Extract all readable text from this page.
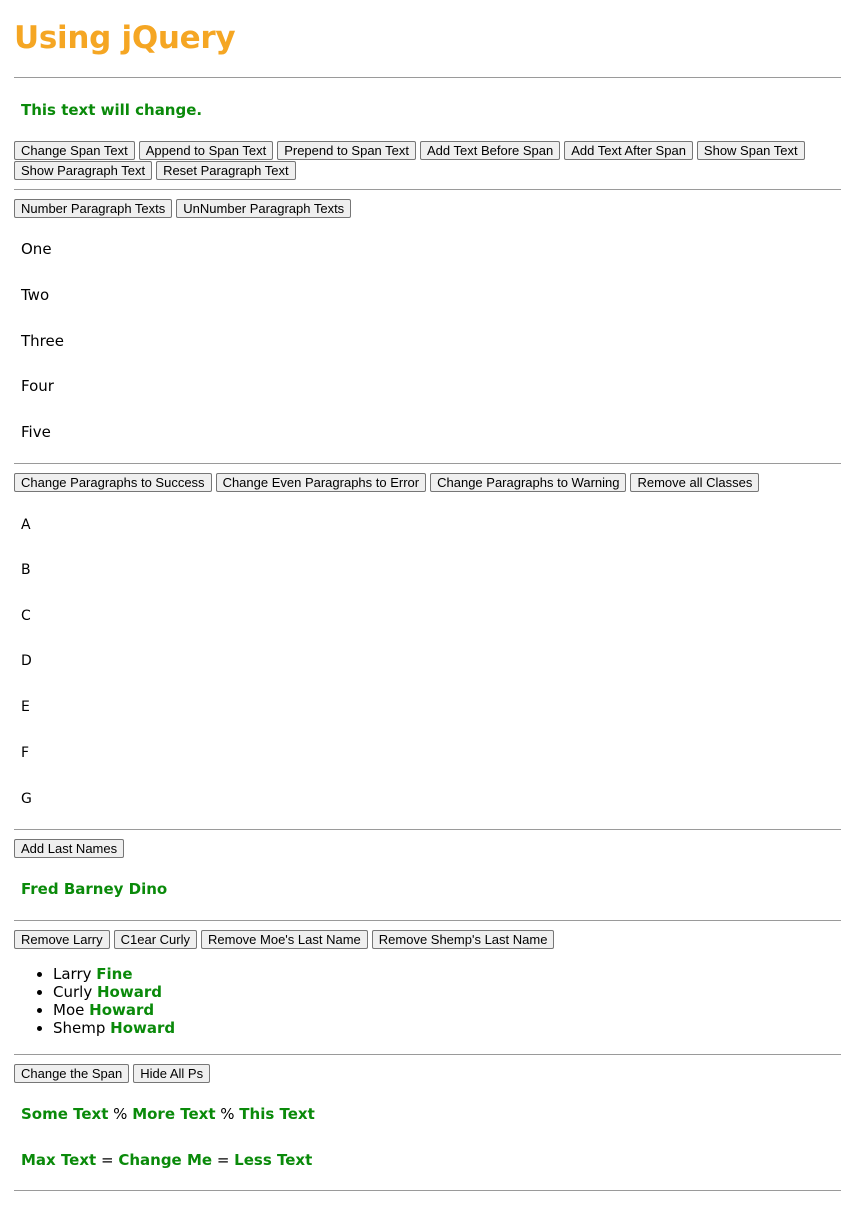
Using jQuery
This text will change.
Change Span Text Append to Span Text Prepend to Span Text Add Text Before Span Add Text After Span Show Span TextShow Paragraph Text Reset Paragraph Text
Number Paragraph Texts UnNumber Paragraph Texts
One
Two
Three
Four
Five
Change Paragraphs to Success Change Even Paragraphs to Error Change Paragraphs to Warning Remove all Classes
A
B
C
D
E
F
G
Add Last Names
Fred Barney Dino
Remove Larry C1ear Curly Remove Moe's Last Name Remove Shemp's Last Name
• Larry Fine
• Curly Howard
• Moe Howard
• Shemp Howard
Change the Span Hide All Ps
Some Text % More Text % This Text
Max Text = Change Me = Less Text
